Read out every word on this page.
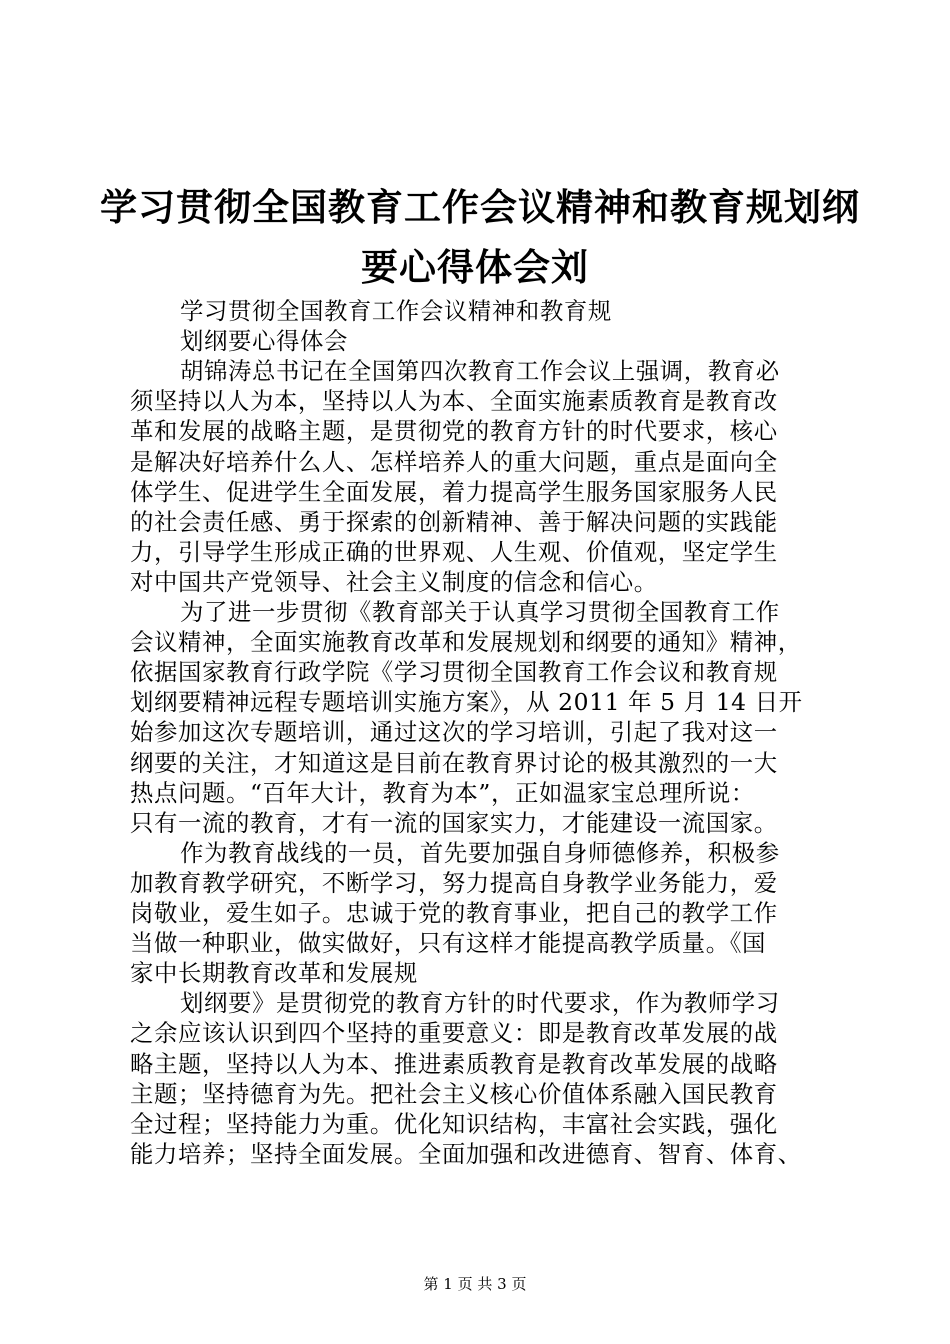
学习贯彻全国教育工作会议精神和教育规划纲
要心得体会刘
学习贯彻全国教育工作会议精神和教育规
划纲要心得体会
胡锦涛总书记在全国第四次教育工作会议上强调，教育必
须坚持以人为本，坚持以人为本、全面实施素质教育是教育改
革和发展的战略主题，是贯彻党的教育方针的时代要求，核心
是解决好培养什么人、怎样培养人的重大问题，重点是面向全
体学生、促进学生全面发展，着力提高学生服务国家服务人民
的社会责任感、勇于探索的创新精神、善于解决问题的实践能
力，引导学生形成正确的世界观、人生观、价值观，坚定学生
对中国共产党领导、社会主义制度的信念和信心。
为了进一步贯彻《教育部关于认真学习贯彻全国教育工作
会议精神，全面实施教育改革和发展规划和纲要的通知》精神，
依据国家教育行政学院《学习贯彻全国教育工作会议和教育规
划纲要精神远程专题培训实施方案》，从 2011 年 5 月 14 日开
始参加这次专题培训，通过这次的学习培训，引起了我对这一
纲要的关注，才知道这是目前在教育界讨论的极其激烈的一大
热点问题。“百年大计，教育为本”，正如温家宝总理所说：
只有一流的教育，才有一流的国家实力，才能建设一流国家。
作为教育战线的一员，首先要加强自身师德修养，积极参
加教育教学研究，不断学习，努力提高自身教学业务能力，爱
岗敬业，爱生如子。忠诚于党的教育事业，把自己的教学工作
当做一种职业，做实做好，只有这样才能提高教学质量。《国
家中长期教育改革和发展规
划纲要》是贯彻党的教育方针的时代要求，作为教师学习
之余应该认识到四个坚持的重要意义：即是教育改革发展的战
略主题，坚持以人为本、推进素质教育是教育改革发展的战略
主题；坚持德育为先。把社会主义核心价值体系融入国民教育
全过程；坚持能力为重。优化知识结构，丰富社会实践，强化
能力培养；坚持全面发展。全面加强和改进德育、智育、体育、
第 1 页 共 3 页
